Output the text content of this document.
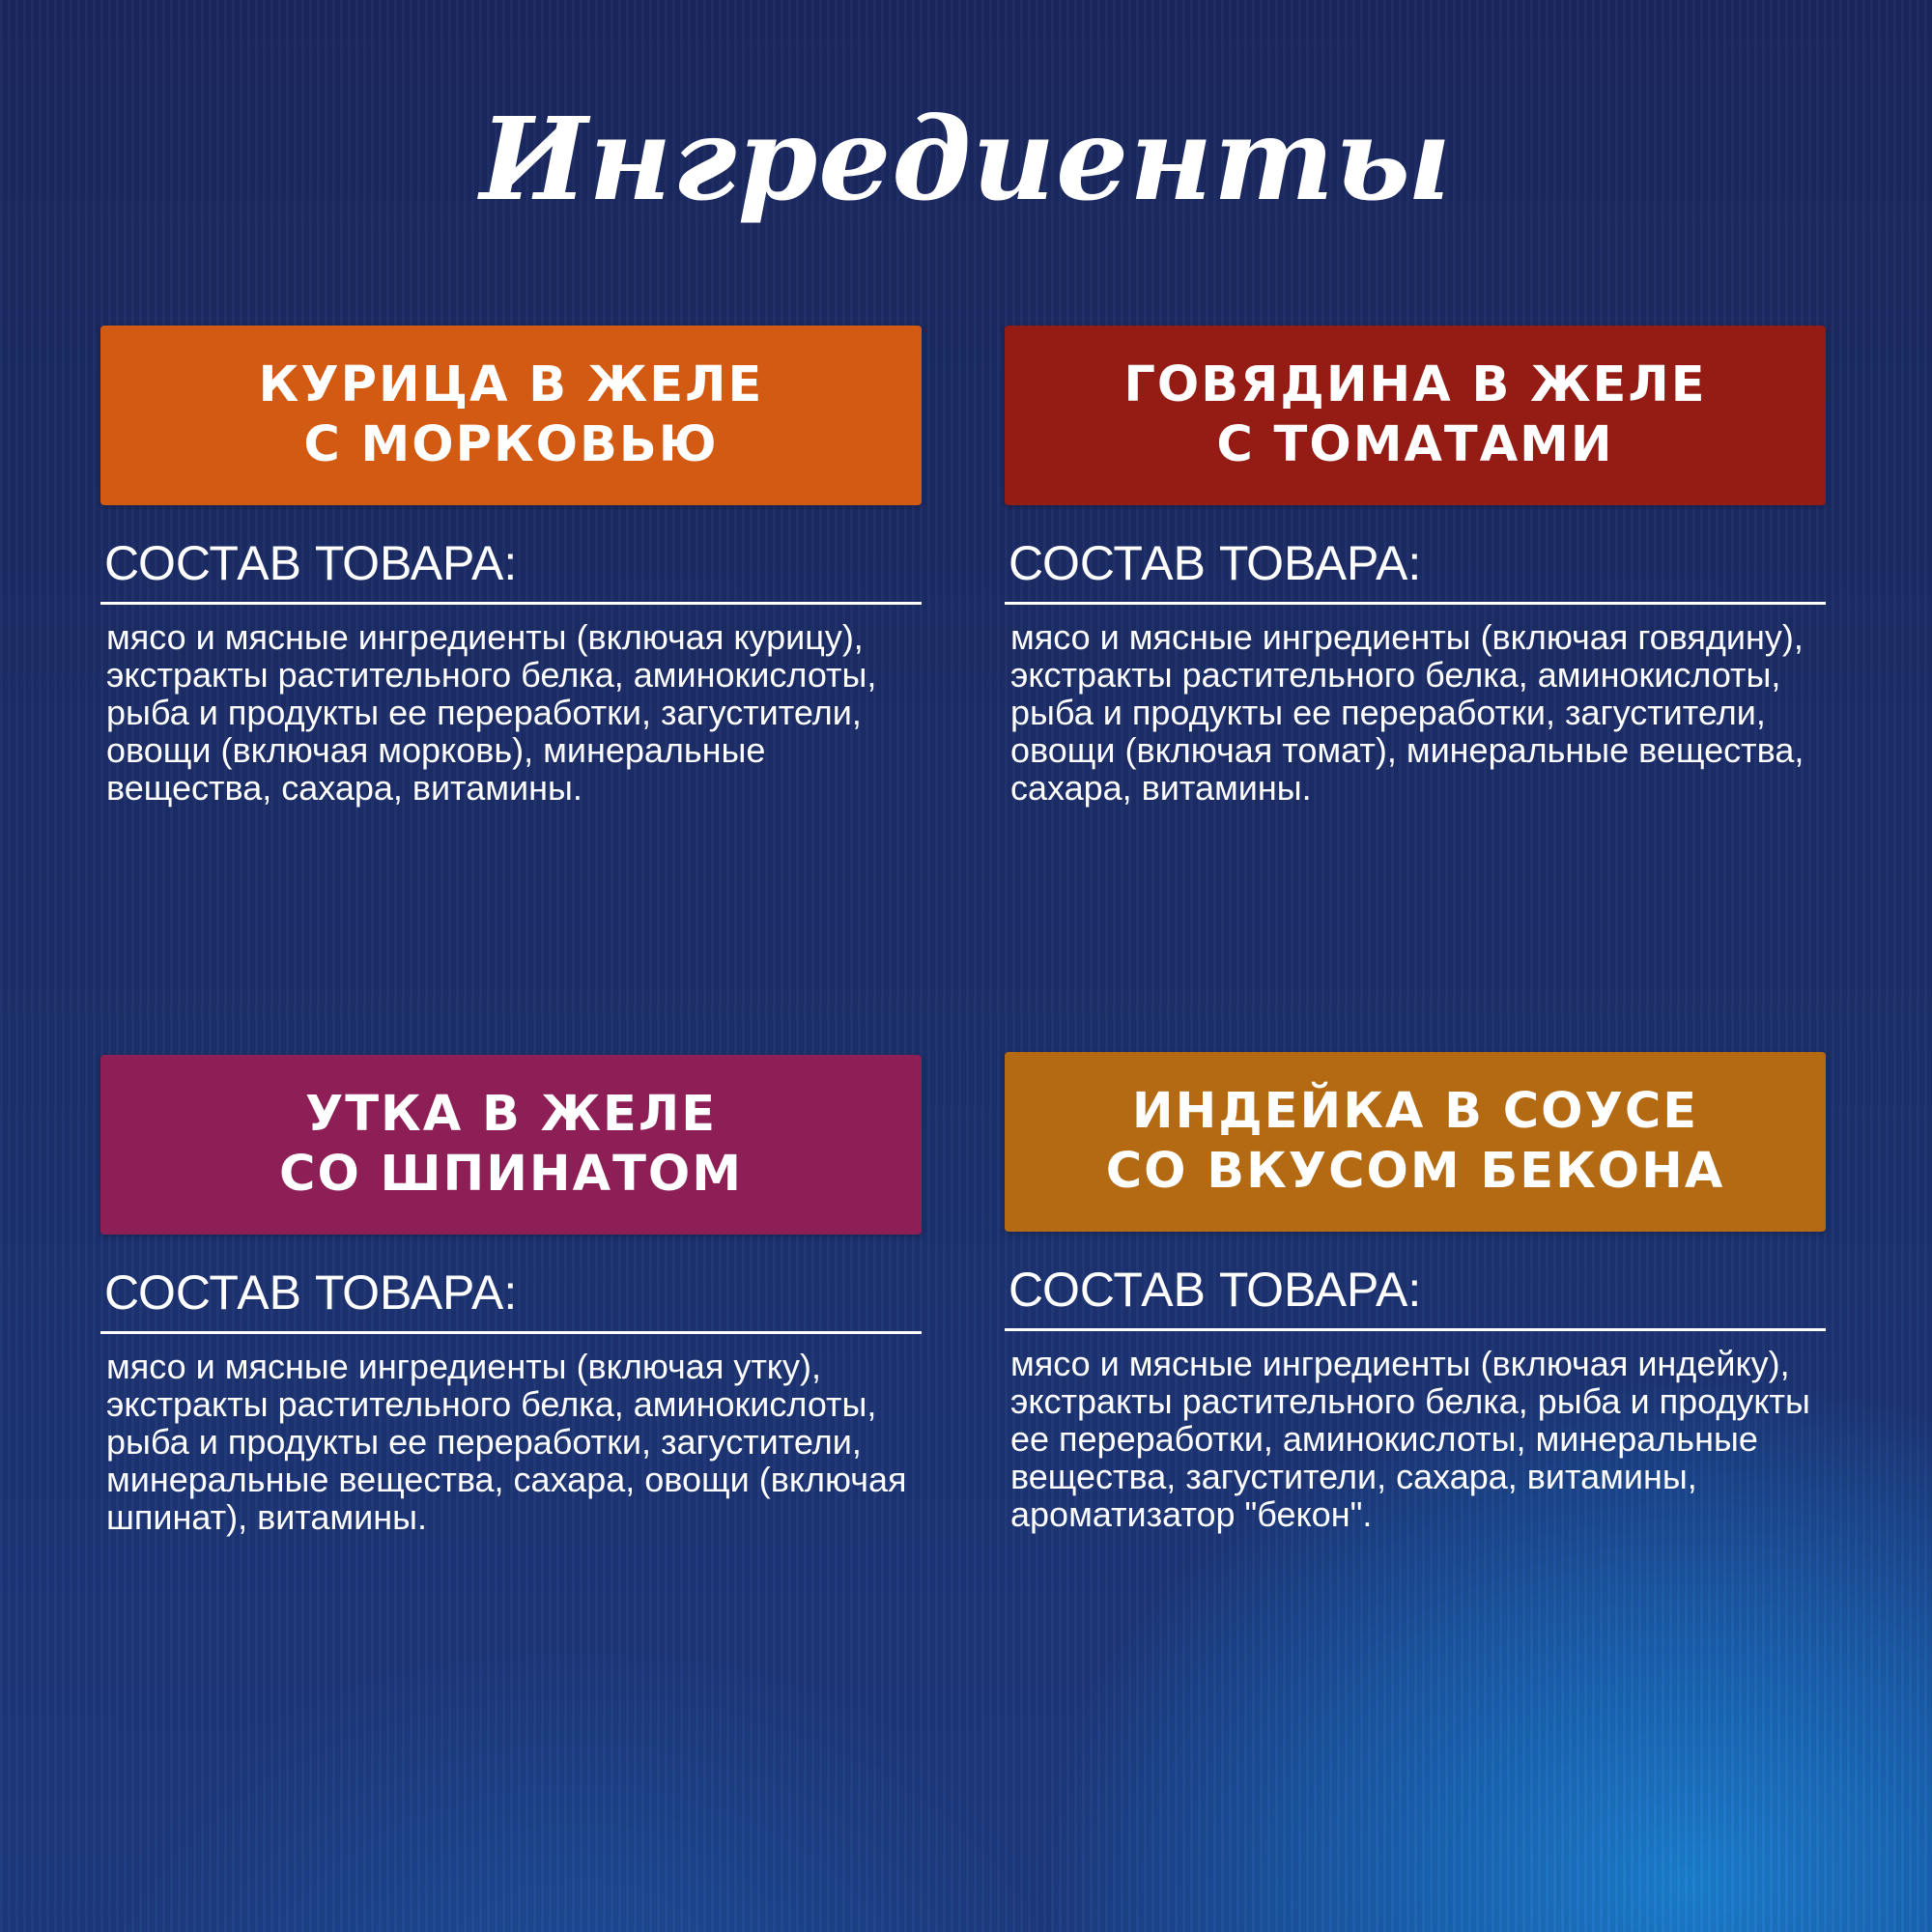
Ингредиенты
КУРИЦА В ЖЕЛЕ
С МОРКОВЬЮ
СОСТАВ ТОВАРА:
мясо и мясные ингредиенты (включая курицу), экстракты растительного белка, аминокислоты, рыба и продукты ее переработки, загустители, овощи (включая морковь), минеральные вещества, сахара, витамины.
ГОВЯДИНА В ЖЕЛЕ
С ТОМАТАМИ
СОСТАВ ТОВАРА:
мясо и мясные ингредиенты (включая говядину), экстракты растительного белка, аминокислоты, рыба и продукты ее переработки, загустители, овощи (включая томат), минеральные вещества, сахара, витамины.
УТКА В ЖЕЛЕ
СО ШПИНАТОМ
СОСТАВ ТОВАРА:
мясо и мясные ингредиенты (включая утку), экстракты растительного белка, аминокислоты, рыба и продукты ее переработки, загустители, минеральные вещества, сахара, овощи (включая шпинат), витамины.
ИНДЕЙКА В СОУСЕ
СО ВКУСОМ БЕКОНА
СОСТАВ ТОВАРА:
мясо и мясные ингредиенты (включая индейку), экстракты растительного белка, рыба и продукты ее переработки, аминокислоты, минеральные вещества, загустители, сахара, витамины, ароматизатор "бекон".
